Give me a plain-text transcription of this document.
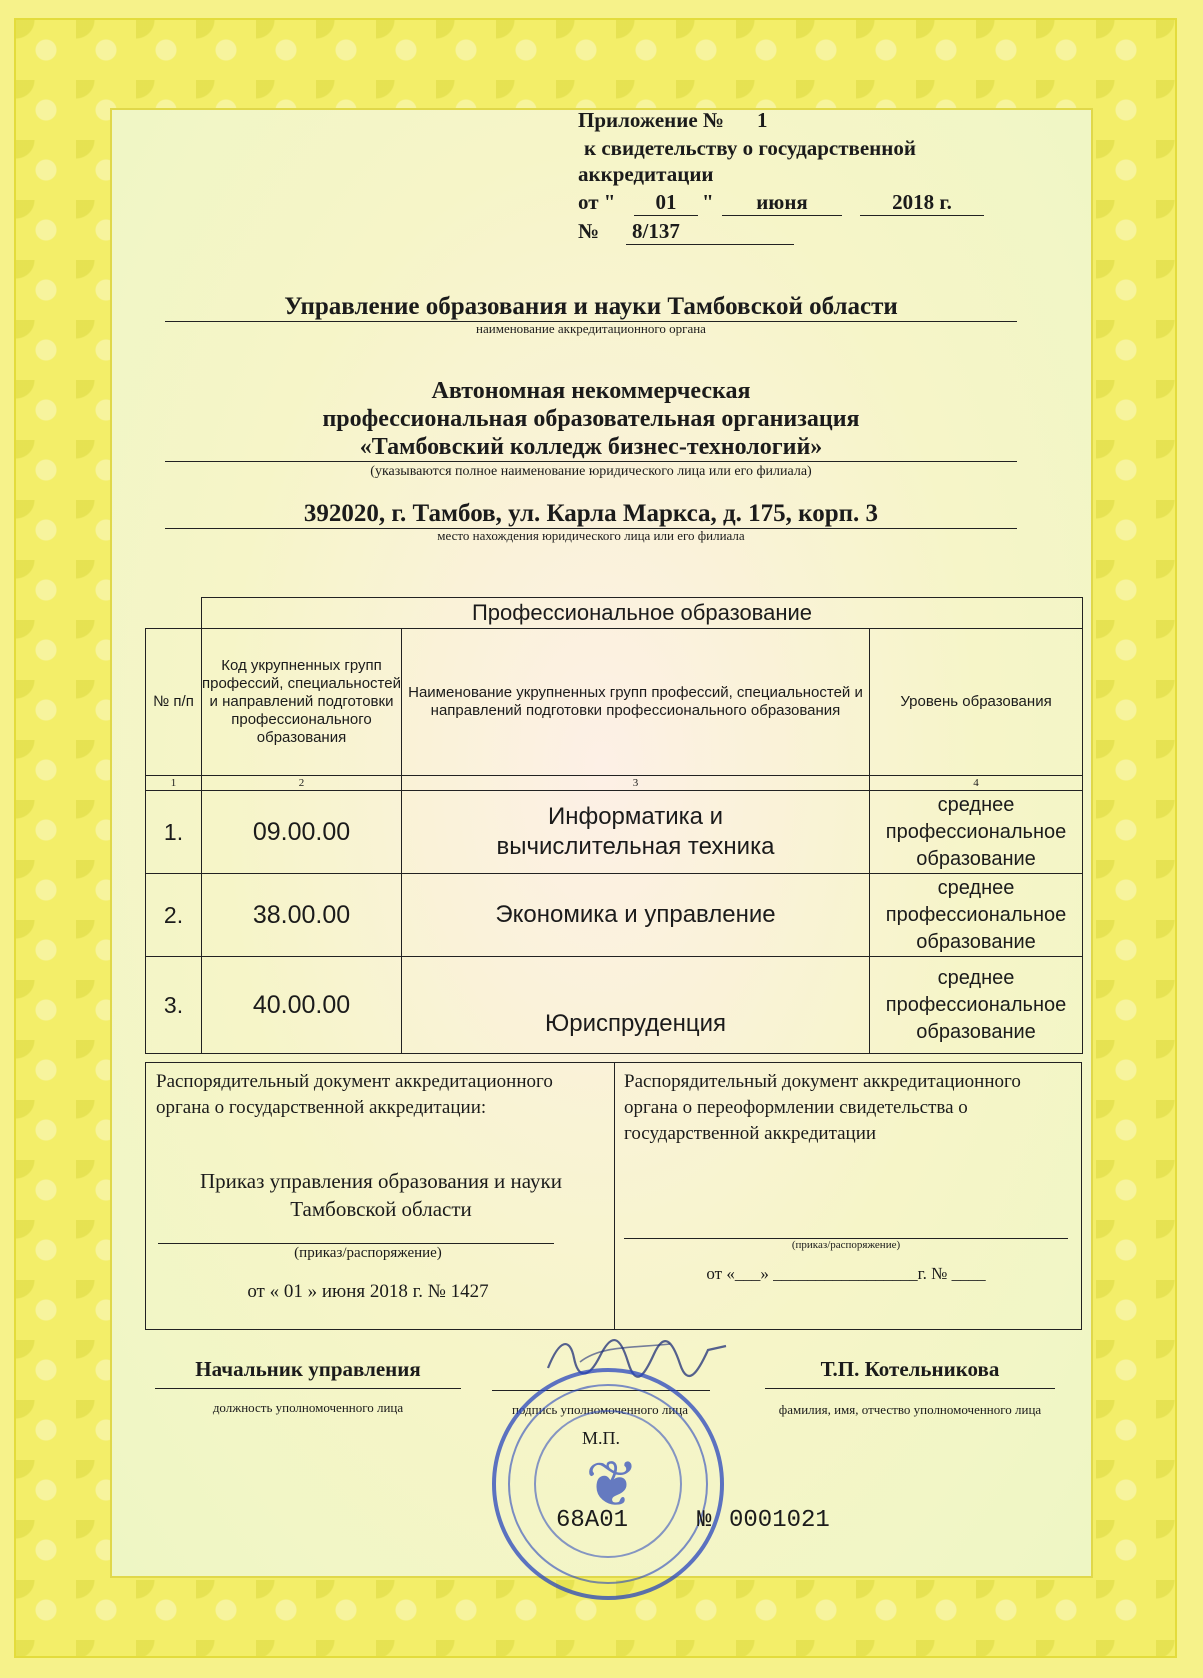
Приложение № 1
к свидетельству о государственной
аккредитации
от "	01	"	июня	2018 г.
№ 8/137
Управление образования и науки Тамбовской области
наименование аккредитационного органа
Автономная некоммерческая
профессиональная образовательная организация
«Тамбовский колледж бизнес-технологий»
(указываются полное наименование юридического лица или его филиала)
392020, г. Тамбов, ул. Карла Маркса, д. 175, корп. 3
место нахождения юридического лица или его филиала
	Профессиональное образование		
№ п/п	Код укрупненных групп профессий, специальностей и направлений подготовки профессионального образования	Наименование укрупненных групп профессий, специальностей и направлений подготовки профессионального образования	Уровень образования
1	2	3	4
1.	09.00.00	Информатика и вычислительная техника	среднее профессиональное образование
2.	38.00.00	Экономика и управление	среднее профессиональное образование
3.	40.00.00	Юриспруденция	среднее профессиональное образование
Распорядительный документ аккредитационного органа о государственной аккредитации:
Приказ управления образования и науки Тамбовской области
(приказ/распоряжение)
от « 01 » июня 2018 г. № 1427
Распорядительный документ аккредитационного органа о переоформлении свидетельства о государственной аккредитации
(приказ/распоряжение)
от «___» _________________г. № ____
Начальник управления
должность уполномоченного лица	подпись уполномоченного лица
Т.П. Котельникова
фамилия, имя, отчество уполномоченного лица
❦
М.П.
68А01	№ 0001021
